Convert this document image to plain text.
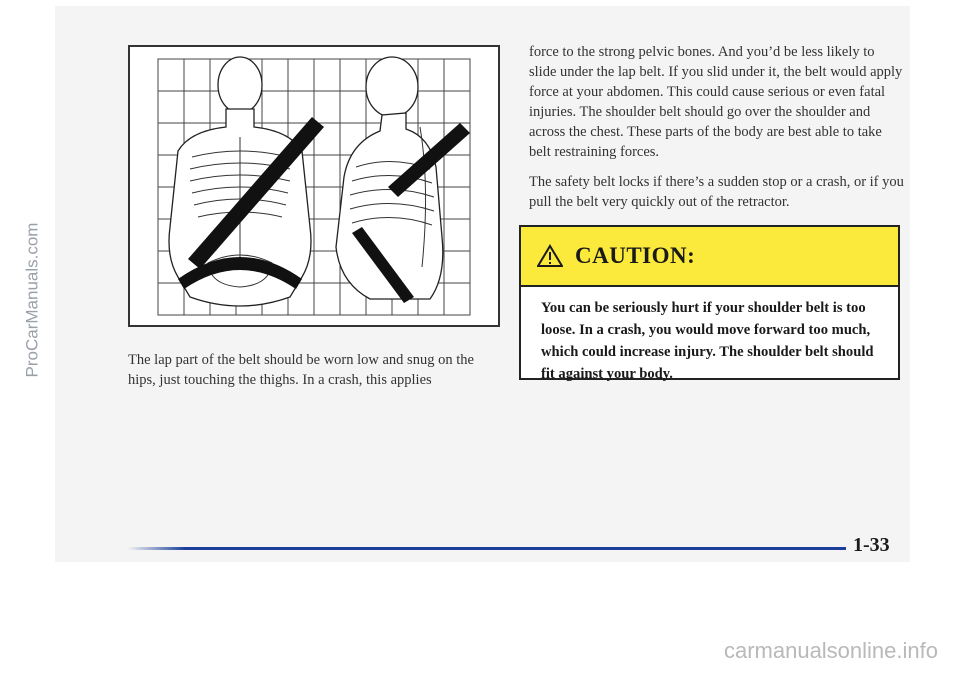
ProCarManuals.com	The lap part of the belt should be worn low and snug on the hips, just touching the thighs. In a crash, this applies

force to the strong pelvic bones. And you’d be less likely to slide under the lap belt. If you slid under it, the belt would apply force at your abdomen. This could cause serious or even fatal injuries. The shoulder belt should go over the shoulder and across the chest. These parts of the body are best able to take belt restraining forces.

The safety belt locks if there’s a sudden stop or a crash, or if you pull the belt very quickly out of the retractor.

CAUTION:
You can be seriously hurt if your shoulder belt is too loose. In a crash, you would move forward too much, which could increase injury. The shoulder belt should fit against your body.
1-33
carmanualsonline.info
